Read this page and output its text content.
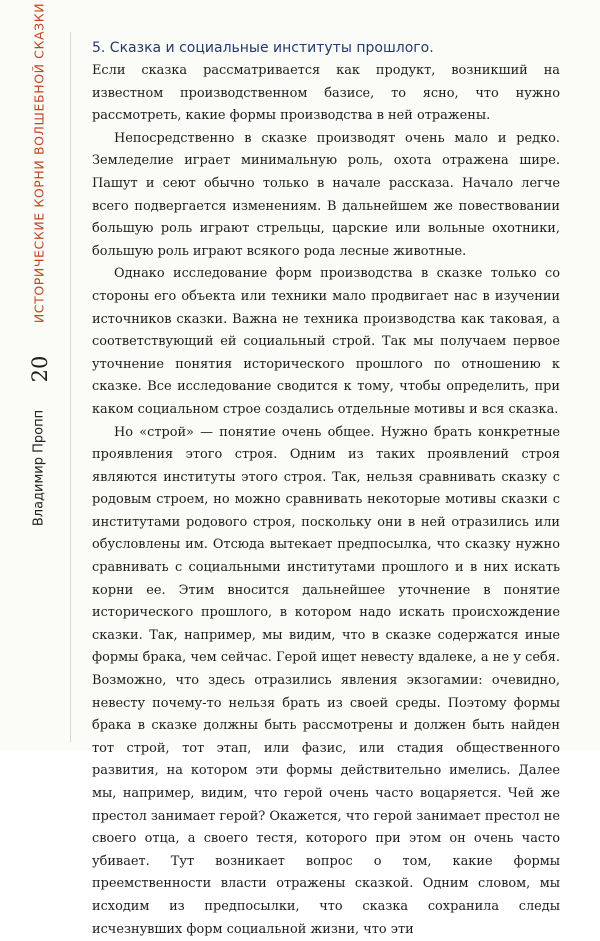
ИСТОРИЧЕСКИЕ КОРНИ ВОЛШЕБНОЙ СКАЗКИ
20
Владимир Пропп
5. Сказка и социальные институты прошлого.

Если сказка рассматривается как продукт, возникший на известном производственном базисе, то ясно, что нужно рассмотреть, какие формы производства в ней отражены.

Непосредственно в сказке производят очень мало и редко. Земледелие играет минимальную роль, охота отражена шире. Пашут и сеют обычно только в начале рассказа. Начало легче всего подвергается изменениям. В дальнейшем же повествовании большую роль играют стрельцы, царские или вольные охотники, большую роль играют всякого рода лесные животные.

Однако исследование форм производства в сказке только со стороны его объекта или техники мало продвигает нас в изучении источников сказки. Важна не техника производства как таковая, а соответствующий ей социальный строй. Так мы получаем первое уточнение понятия исторического прошлого по отношению к сказке. Все исследование сводится к тому, чтобы определить, при каком социальном строе создались отдельные мотивы и вся сказка.

Но «строй» — понятие очень общее. Нужно брать конкретные проявления этого строя. Одним из таких проявлений строя являются институты этого строя. Так, нельзя сравнивать сказку с родовым строем, но можно сравнивать некоторые мотивы сказки с институтами родового строя, поскольку они в ней отразились или обусловлены им. Отсюда вытекает предпосылка, что сказку нужно сравнивать с социальными институтами прошлого и в них искать корни ее. Этим вносится дальнейшее уточнение в понятие исторического прошлого, в котором надо искать происхождение сказки. Так, например, мы видим, что в сказке содержатся иные формы брака, чем сейчас. Герой ищет невесту вдалеке, а не у себя. Возможно, что здесь отразились явления экзогамии: очевидно, невесту почему-то нельзя брать из своей среды. Поэтому формы брака в сказке должны быть рассмотрены и должен быть найден тот строй, тот этап, или фазис, или стадия общественного развития, на котором эти формы действительно имелись. Далее мы, например, видим, что герой очень часто воцаряется. Чей же престол занимает герой? Окажется, что герой занимает престол не своего отца, а своего тестя, которого при этом он очень часто убивает. Тут возникает вопрос о том, какие формы преемственности власти отражены сказкой. Одним словом, мы исходим из предпосылки, что сказка сохранила следы исчезнувших форм социальной жизни, что эти
